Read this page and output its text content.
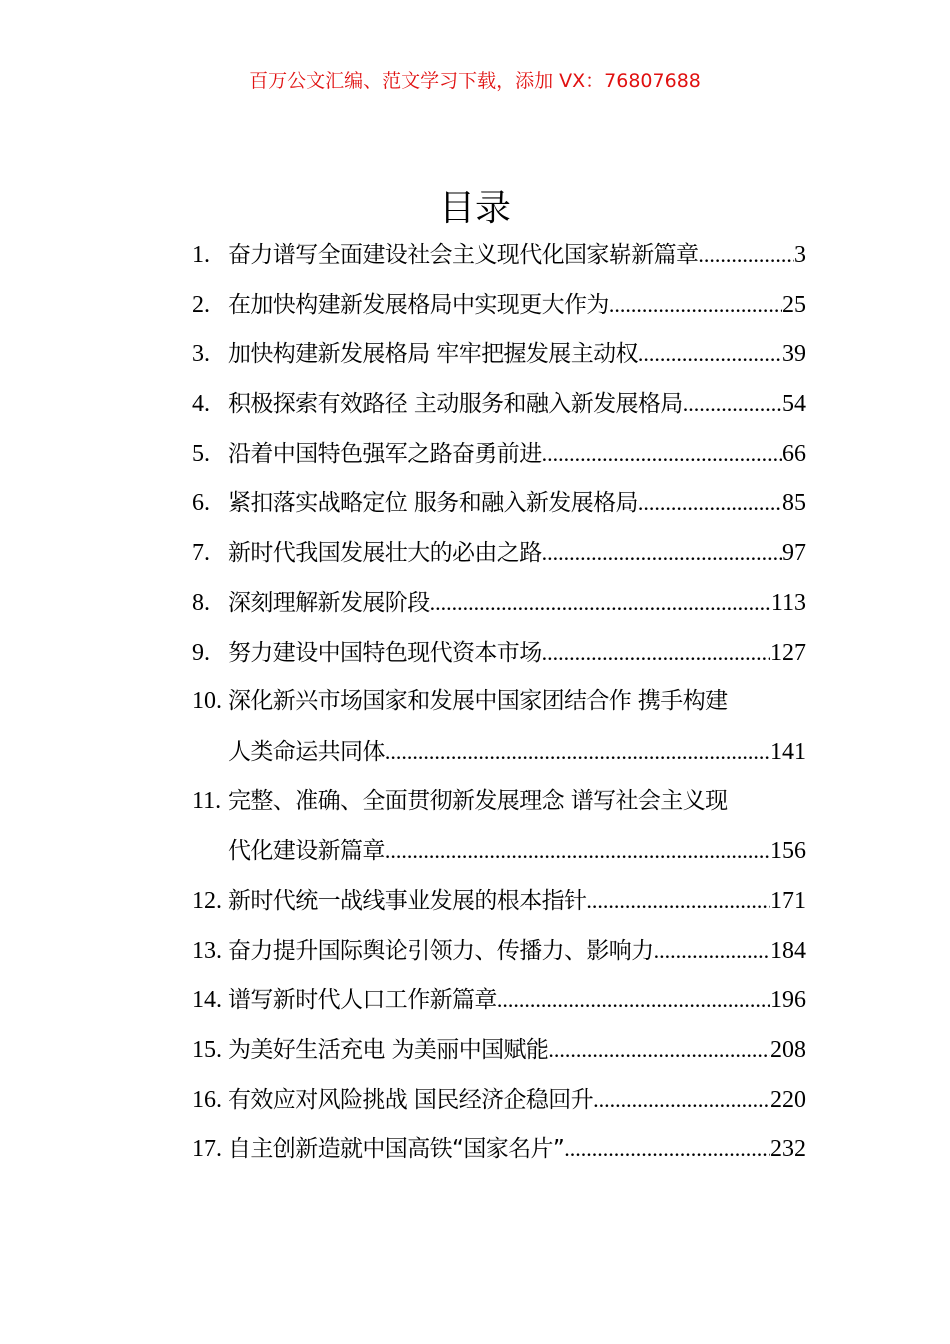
百万公文汇编、范文学习下载，添加 VX：76807688
目录
1. 奋力谱写全面建设社会主义现代化国家崭新篇章 .....	3
2. 在加快构建新发展格局中实现更大作为 .....	25
3. 加快构建新发展格局 牢牢把握发展主动权 .....	39
4. 积极探索有效路径 主动服务和融入新发展格局 .....	54
5. 沿着中国特色强军之路奋勇前进 .....	66
6. 紧扣落实战略定位 服务和融入新发展格局 .....	85
7. 新时代我国发展壮大的必由之路 .....	97
8. 深刻理解新发展阶段 .....	113
9. 努力建设中国特色现代资本市场 .....	127
10. 深化新兴市场国家和发展中国家团结合作 携手构建
人类命运共同体 .....	141
11. 完整、准确、全面贯彻新发展理念 谱写社会主义现
代化建设新篇章 .....	156
12. 新时代统一战线事业发展的根本指针 .....	171
13. 奋力提升国际舆论引领力、传播力、影响力 .....	184
14. 谱写新时代人口工作新篇章 .....	196
15. 为美好生活充电 为美丽中国赋能 .....	208
16. 有效应对风险挑战 国民经济企稳回升 .....	220
17. 自主创新造就中国高铁“国家名片” .....	232
